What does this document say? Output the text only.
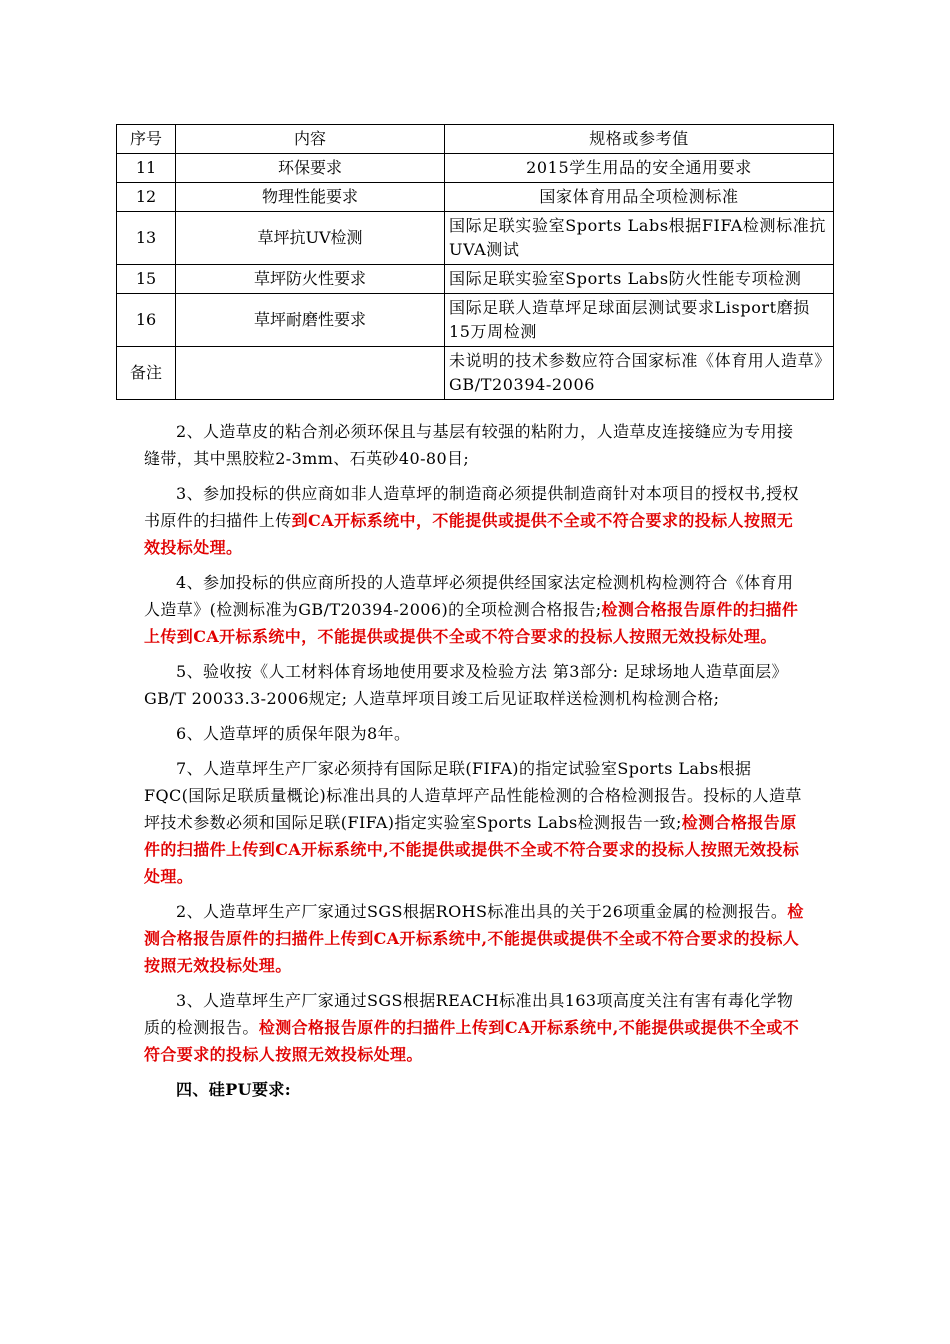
序号	内容	规格或参考值
11	环保要求	2015学生用品的安全通用要求
12	物理性能要求	国家体育用品全项检测标准
13	草坪抗UV检测	国际足联实验室Sports Labs根据FIFA检测标准抗UVA测试
15	草坪防火性要求	国际足联实验室Sports Labs防火性能专项检测
16	草坪耐磨性要求	国际足联人造草坪足球面层测试要求Lisport磨损15万周检测
备注		未说明的技术参数应符合国家标准《体育用人造草》GB/T20394-2006

2、人造草皮的粘合剂必须环保且与基层有较强的粘附力，人造草皮连接缝应为专用接缝带，其中黑胶粒2-3mm、石英砂40-80目;

3、参加投标的供应商如非人造草坪的制造商必须提供制造商针对本项目的授权书,授权书原件的扫描件上传到CA开标系统中，不能提供或提供不全或不符合要求的投标人按照无效投标处理。

4、参加投标的供应商所投的人造草坪必须提供经国家法定检测机构检测符合《体育用人造草》(检测标准为GB/T20394-2006)的全项检测合格报告;检测合格报告原件的扫描件上传到CA开标系统中，不能提供或提供不全或不符合要求的投标人按照无效投标处理。

5、验收按《人工材料体育场地使用要求及检验方法 第3部分: 足球场地人造草面层》GB/T 20033.3-2006规定; 人造草坪项目竣工后见证取样送检测机构检测合格;

6、人造草坪的质保年限为8年。

7、人造草坪生产厂家必须持有国际足联(FIFA)的指定试验室Sports Labs根据FQC(国际足联质量概论)标准出具的人造草坪产品性能检测的合格检测报告。投标的人造草坪技术参数必须和国际足联(FIFA)指定实验室Sports Labs检测报告一致;检测合格报告原件的扫描件上传到CA开标系统中,不能提供或提供不全或不符合要求的投标人按照无效投标处理。

2、人造草坪生产厂家通过SGS根据ROHS标准出具的关于26项重金属的检测报告。检测合格报告原件的扫描件上传到CA开标系统中,不能提供或提供不全或不符合要求的投标人按照无效投标处理。

3、人造草坪生产厂家通过SGS根据REACH标准出具163项高度关注有害有毒化学物质的检测报告。检测合格报告原件的扫描件上传到CA开标系统中,不能提供或提供不全或不符合要求的投标人按照无效投标处理。

四、硅PU要求:
